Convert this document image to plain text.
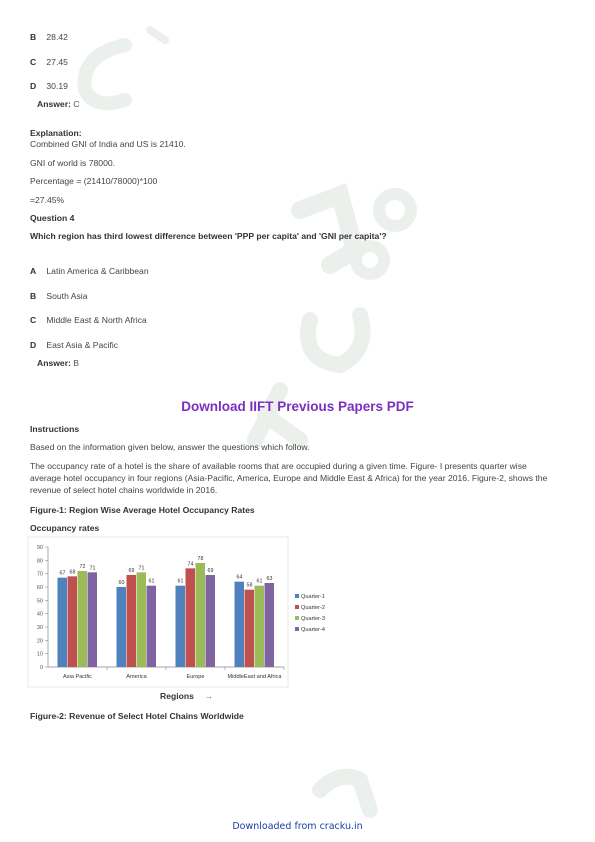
B 28.42
C 27.45
D 30.19
Answer: C
Explanation:
Combined GNI of India and US is 21410.
GNI of world is 78000.
Percentage = (21410/78000)*100
=27.45%
Question 4
Which region has third lowest difference between 'PPP per capita' and 'GNI per capita'?
A Latin America & Caribbean
B South Asia
C Middle East & North Africa
D East Asia & Pacific
Answer: B
Download IIFT Previous Papers PDF
Instructions
Based on the information given below, answer the questions which follow.
The occupancy rate of a hotel is the share of available rooms that are occupied during a given time. Figure- I presents quarter wise
average hotel occupancy in four regions (Asia-Pacific, America, Europe and Middle East & Africa) for the year 2016. Figure-2, shows the
revenue of select hotel chains worldwide in 2016.
Figure-1: Region Wise Average Hotel Occupancy Rates
Occupancy rates
0
10
20
30
40
50
60
70
80
90
67 68
72 71
Asia Pacific
60
69 71
61
America
61
74
78
69
Europe
64
58
61 63
MiddleEast and Africa
Quarter-1
Quarter-2
Quarter-3
Quarter-4
Regions →
Figure-2: Revenue of Select Hotel Chains Worldwide
Downloaded from cracku.in
